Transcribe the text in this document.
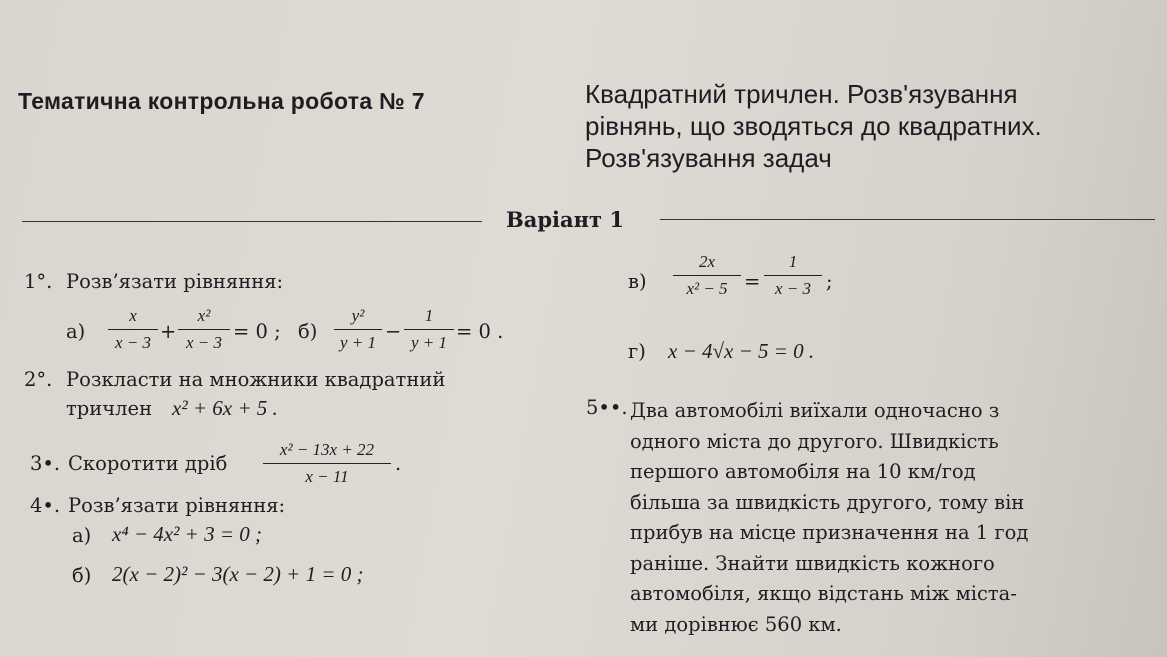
Тематична контрольна робота № 7	Квадратний тричлен. Розв'язування
рівнянь, що зводяться до квадратних.
Розв'язування задач
Варіант 1
1°. Розв’язати рівняння:
а)
x
x − 3 +
x²
x − 3 = 0 ; б)
y²
y + 1 −
1
y + 1 = 0 .
в)
2x
x² − 5 =
1
x − 3 ;
г) x − 4√x − 5 = 0 .
2°. Розкласти на множники квадратний
тричлен x² + 6x + 5 .
3•. Скоротити дріб
x² − 13x + 22
x − 11
.
4•. Розв’язати рівняння:
а) x⁴ − 4x² + 3 = 0 ;
б) 2(x − 2)² − 3(x − 2) + 1 = 0 ;
5••. Два автомобілі виїхали одночасно з
одного міста до другого. Швидкість
першого автомобіля на 10 км/год
більша за швидкість другого, тому він
прибув на місце призначення на 1 год
раніше. Знайти швидкість кожного
автомобіля, якщо відстань між міста-
ми дорівнює 560 км.
